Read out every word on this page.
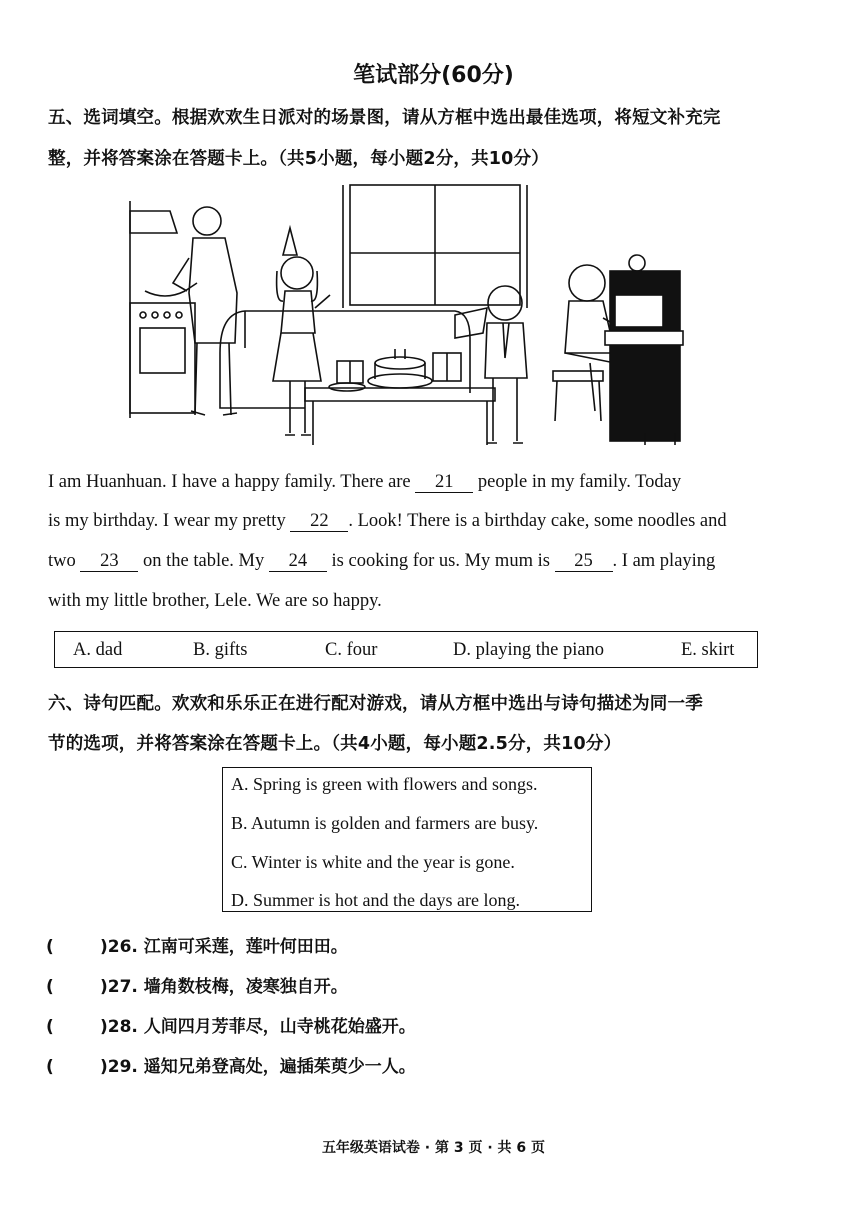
笔试部分(60分)
五、选词填空。根据欢欢生日派对的场景图，请从方框中选出最佳选项，将短文补充完
整，并将答案涂在答题卡上。（共5小题，每小题2分，共10分）
I am Huanhuan. I have a happy family. There are 21 people in my family. Today
is my birthday. I wear my pretty 22 . Look! There is a birthday cake, some noodles and
two 23 on the table. My 24 is cooking for us. My mum is 25 . I am playing
with my little brother, Lele. We are so happy.
A. dad	B. gifts	C. four	D. playing the piano	E. skirt
六、诗句匹配。欢欢和乐乐正在进行配对游戏，请从方框中选出与诗句描述为同一季
节的选项，并将答案涂在答题卡上。（共4小题，每小题2.5分，共10分）
A. Spring is green with flowers and songs.
B. Autumn is golden and farmers are busy.
C. Winter is white and the year is gone.
D. Summer is hot and the days are long.
(	)26. 江南可采莲，莲叶何田田。
(	)27. 墙角数枝梅，凌寒独自开。
(	)28. 人间四月芳菲尽，山寺桃花始盛开。
(	)29. 遥知兄弟登高处，遍插茱萸少一人。
五年级英语试卷 · 第 3 页 · 共 6 页
